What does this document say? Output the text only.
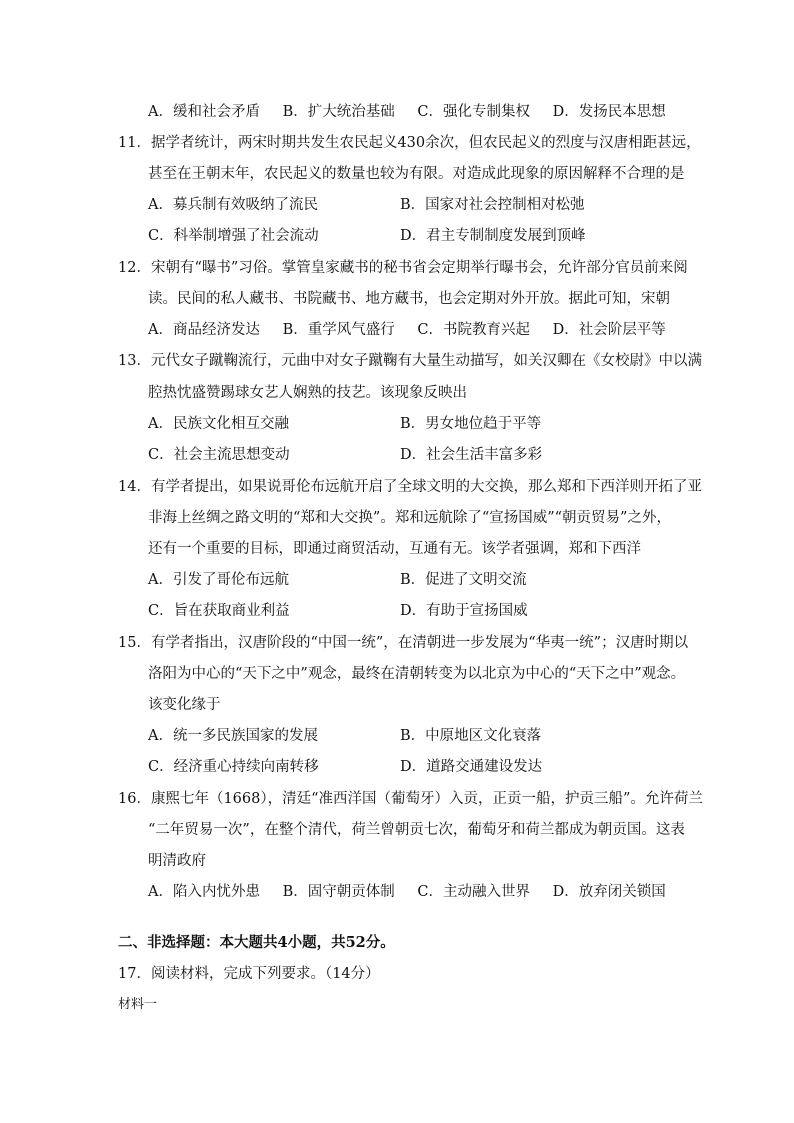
A．缓和社会矛盾 B．扩大统治基础 C．强化专制集权 D．发扬民本思想
11．据学者统计，两宋时期共发生农民起义430余次，但农民起义的烈度与汉唐相距甚远，
甚至在王朝末年，农民起义的数量也较为有限。对造成此现象的原因解释不合理的是
A．募兵制有效吸纳了流民	B．国家对社会控制相对松弛
C．科举制增强了社会流动	D．君主专制制度发展到顶峰
12．宋朝有“曝书”习俗。掌管皇家藏书的秘书省会定期举行曝书会，允许部分官员前来阅
读。民间的私人藏书、书院藏书、地方藏书，也会定期对外开放。据此可知，宋朝
A．商品经济发达 B．重学风气盛行 C．书院教育兴起 D．社会阶层平等
13．元代女子蹴鞠流行，元曲中对女子蹴鞠有大量生动描写，如关汉卿在《女校尉》中以满
腔热忱盛赞踢球女艺人娴熟的技艺。该现象反映出
A．民族文化相互交融	B．男女地位趋于平等
C．社会主流思想变动	D．社会生活丰富多彩
14．有学者提出，如果说哥伦布远航开启了全球文明的大交换，那么郑和下西洋则开拓了亚
非海上丝绸之路文明的“郑和大交换”。郑和远航除了“宣扬国威”“朝贡贸易”之外，
还有一个重要的目标，即通过商贸活动，互通有无。该学者强调，郑和下西洋
A．引发了哥伦布远航	B．促进了文明交流
C．旨在获取商业利益	D．有助于宣扬国威
15．有学者指出，汉唐阶段的“中国一统”，在清朝进一步发展为“华夷一统”；汉唐时期以
洛阳为中心的“天下之中”观念，最终在清朝转变为以北京为中心的“天下之中”观念。
该变化缘于
A．统一多民族国家的发展	B．中原地区文化衰落
C．经济重心持续向南转移	D．道路交通建设发达
16．康熙七年（1668），清廷“准西洋国（葡萄牙）入贡，正贡一船，护贡三船”。允许荷兰
“二年贸易一次”，在整个清代，荷兰曾朝贡七次，葡萄牙和荷兰都成为朝贡国。这表
明清政府
A．陷入内忧外患 B．固守朝贡体制 C．主动融入世界 D．放弃闭关锁国
二、非选择题：本大题共4小题，共52分。
17．阅读材料，完成下列要求。（14分）
材料一
